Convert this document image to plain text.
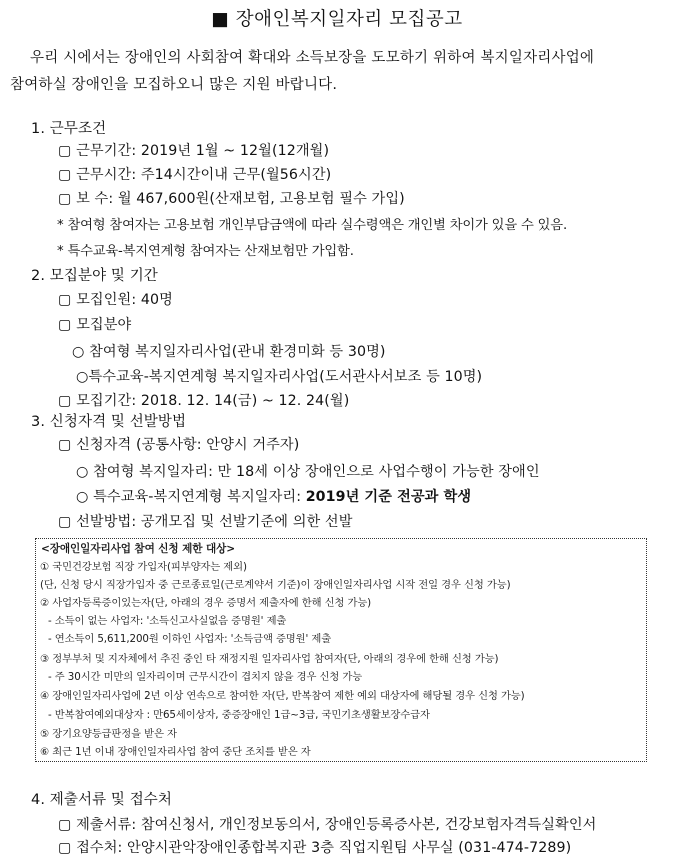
■ 장애인복지일자리 모집공고
우리 시에서는 장애인의 사회참여 확대와 소득보장을 도모하기 위하여 복지일자리사업에
참여하실 장애인을 모집하오니 많은 지원 바랍니다.
1. 근무조건
▢ 근무기간: 2019년 1월 ~ 12월(12개월)
▢ 근무시간: 주14시간이내 근무(월56시간)
▢ 보 수: 월 467,600원(산재보험, 고용보험 필수 가입)
* 참여형 참여자는 고용보험 개인부담금액에 따라 실수령액은 개인별 차이가 있을 수 있음.
* 특수교육-복지연계형 참여자는 산재보험만 가입함.
2. 모집분야 및 기간
▢ 모집인원: 40명
▢ 모집분야
○ 참여형 복지일자리사업(관내 환경미화 등 30명)
○특수교육-복지연계형 복지일자리사업(도서관사서보조 등 10명)
▢ 모집기간: 2018. 12. 14(금) ~ 12. 24(월)
3. 신청자격 및 선발방법
▢ 신청자격 (공통사항: 안양시 거주자)
○ 참여형 복지일자리: 만 18세 이상 장애인으로 사업수행이 가능한 장애인
○ 특수교육-복지연계형 복지일자리: 2019년 기준 전공과 학생
▢ 선발방법: 공개모집 및 선발기준에 의한 선발
<장애인일자리사업 참여 신청 제한 대상>
① 국민건강보험 직장 가입자(피부양자는 제외)
(단, 신청 당시 직장가입자 중 근로종료일(근로계약서 기준)이 장애인일자리사업 시작 전일 경우 신청 가능)
② 사업자등록증이있는자(단, 아래의 경우 증명서 제출자에 한해 신청 가능)
- 소득이 없는 사업자: '소득신고사실없음 증명원' 제출
- 연소득이 5,611,200원 이하인 사업자: '소득금액 증명원' 제출
③ 정부부처 및 지자체에서 추진 중인 타 재정지원 일자리사업 참여자(단, 아래의 경우에 한해 신청 가능)
- 주 30시간 미만의 일자리이며 근무시간이 겹치지 않을 경우 신청 가능
④ 장애인일자리사업에 2년 이상 연속으로 참여한 자(단, 반복참여 제한 예외 대상자에 해당될 경우 신청 가능)
- 반복참여예외대상자 : 만65세이상자, 중증장애인 1급~3급, 국민기초생활보장수급자
⑤ 장기요양등급판정을 받은 자
⑥ 최근 1년 이내 장애인일자리사업 참여 중단 조치를 받은 자
4. 제출서류 및 접수처
▢ 제출서류: 참여신청서, 개인정보동의서, 장애인등록증사본, 건강보험자격득실확인서
▢ 접수처: 안양시관악장애인종합복지관 3층 직업지원팀 사무실 (031-474-7289)
